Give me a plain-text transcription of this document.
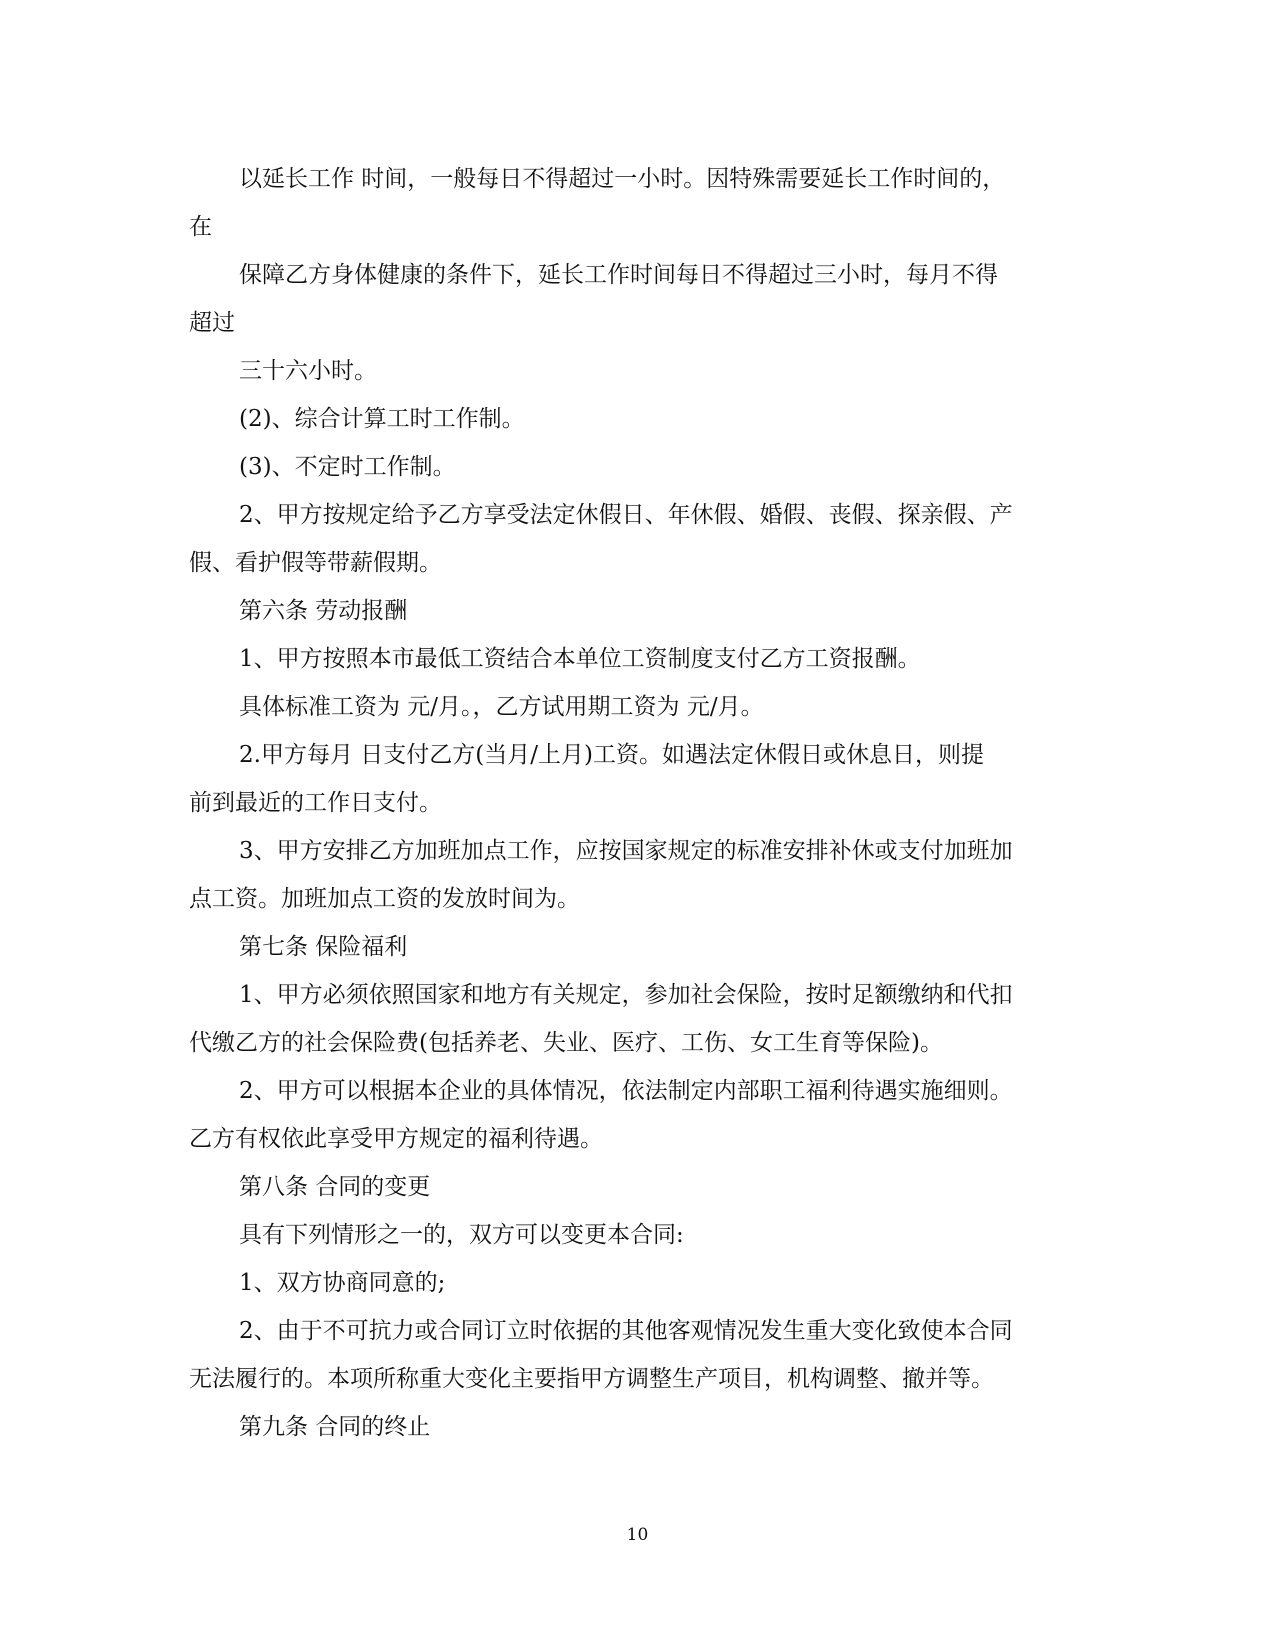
以延长工作 时间，一般每日不得超过一小时。因特殊需要延长工作时间的，
在
保障乙方身体健康的条件下，延长工作时间每日不得超过三小时，每月不得
超过
三十六小时。
(2)、综合计算工时工作制。
(3)、不定时工作制。
2、甲方按规定给予乙方享受法定休假日、年休假、婚假、丧假、探亲假、产
假、看护假等带薪假期。
第六条 劳动报酬
1、甲方按照本市最低工资结合本单位工资制度支付乙方工资报酬。
具体标准工资为 元/月。，乙方试用期工资为 元/月。
2.甲方每月 日支付乙方(当月/上月)工资。如遇法定休假日或休息日，则提
前到最近的工作日支付。
3、甲方安排乙方加班加点工作，应按国家规定的标准安排补休或支付加班加
点工资。加班加点工资的发放时间为。
第七条 保险福利
1、甲方必须依照国家和地方有关规定，参加社会保险，按时足额缴纳和代扣
代缴乙方的社会保险费(包括养老、失业、医疗、工伤、女工生育等保险)。
2、甲方可以根据本企业的具体情况，依法制定内部职工福利待遇实施细则。
乙方有权依此享受甲方规定的福利待遇。
第八条 合同的变更
具有下列情形之一的，双方可以变更本合同:
1、双方协商同意的;
2、由于不可抗力或合同订立时依据的其他客观情况发生重大变化致使本合同
无法履行的。本项所称重大变化主要指甲方调整生产项目，机构调整、撤并等。
第九条 合同的终止
10
